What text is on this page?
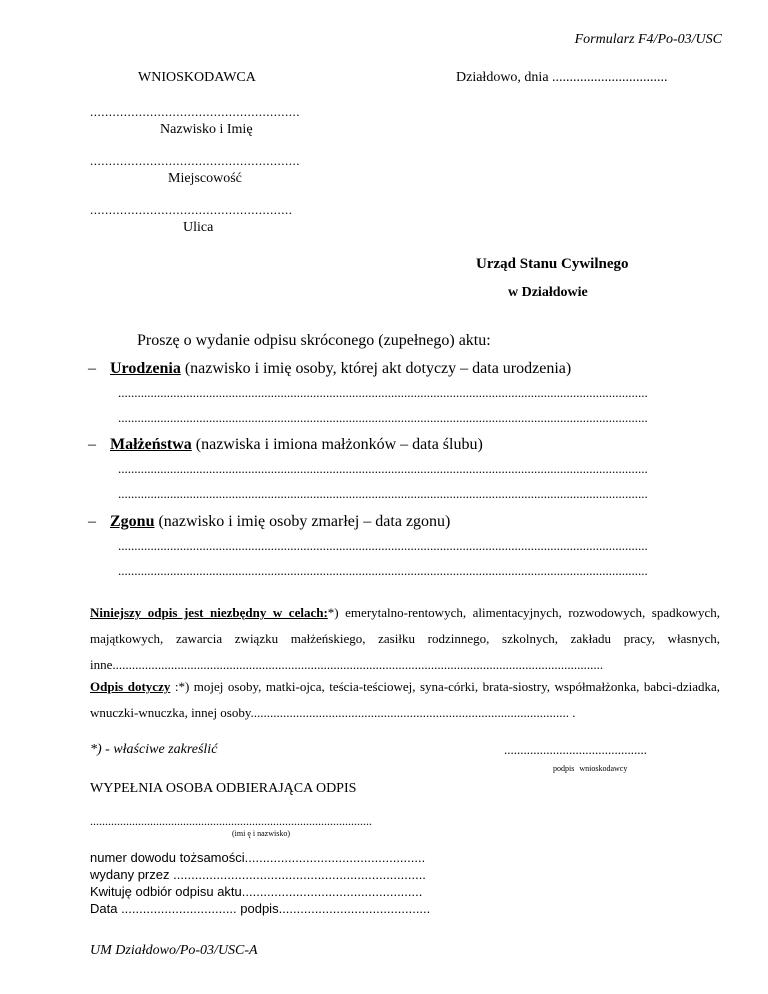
Formularz F4/Po-03/USC
WNIOSKODAWCA	Działdowo, dnia .................................
........................................................
Nazwisko i Imię
........................................................
Miejscowość
......................................................
Ulica
Urząd Stanu Cywilnego
w Działdowie
Proszę o wydanie odpisu skróconego (zupełnego) aktu:
– Urodzenia (nazwisko i imię osoby, której akt dotyczy – data urodzenia)
...................................................................................................................................................................
...................................................................................................................................................................
– Małżeństwa (nazwiska i imiona małżonków – data ślubu)
...................................................................................................................................................................
...................................................................................................................................................................
– Zgonu (nazwisko i imię osoby zmarłej – data zgonu)
...................................................................................................................................................................
...................................................................................................................................................................
Niniejszy odpis jest niezbędny w celach:*) emerytalno-rentowych, alimentacyjnych, rozwodowych, spadkowych, majątkowych, zawarcia związku małżeńskiego, zasiłku rodzinnego, szkolnych, zakładu pracy, własnych, inne.......................................................................................................................................................
Odpis dotyczy :*) mojej osoby, matki-ojca, teścia-teściowej, syna-córki, brata-siostry, współmałżonka, babci-dziadka, wnuczki-wnuczka, innej osoby.................................................................................................. .
*) - właściwe zakreślić	............................................
podpis wnioskodawcy
WYPEŁNIA OSOBA ODBIERAJĄCA ODPIS
..............................................................................................
(imi ę i nazwisko)
numer dowodu tożsamości..................................................
wydany przez ......................................................................
Kwituję odbiór odpisu aktu..................................................
Data ................................ podpis..........................................
UM Działdowo/Po-03/USC-A
